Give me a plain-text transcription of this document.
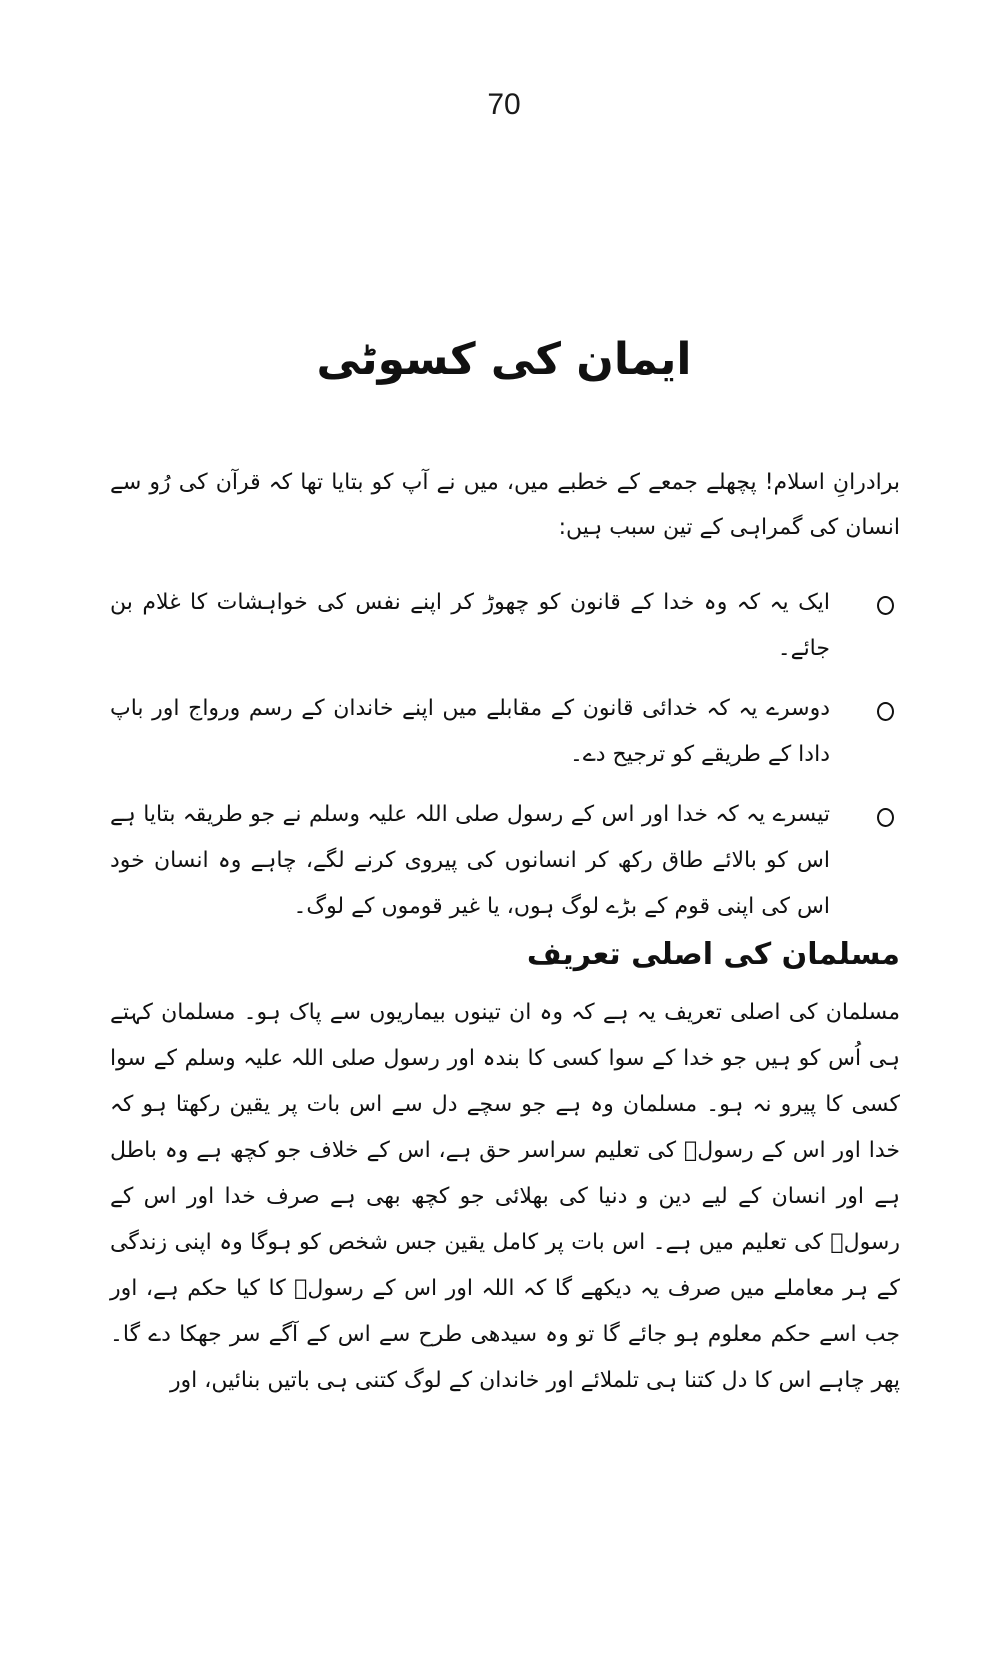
70
ایمان کی کسوٹی

برادرانِ اسلام! پچھلے جمعے کے خطبے میں، میں نے آپ کو بتایا تھا کہ قرآن کی رُو سے انسان کی گمراہی کے تین سبب ہیں:

ایک یہ کہ وہ خدا کے قانون کو چھوڑ کر اپنے نفس کی خواہشات کا غلام بن جائے۔
دوسرے یہ کہ خدائی قانون کے مقابلے میں اپنے خاندان کے رسم ورواج اور باپ دادا کے طریقے کو ترجیح دے۔
تیسرے یہ کہ خدا اور اس کے رسول صلی اللہ علیہ وسلم نے جو طریقہ بتایا ہے اس کو بالائے طاق رکھ کر انسانوں کی پیروی کرنے لگے، چاہے وہ انسان خود اس کی اپنی قوم کے بڑے لوگ ہوں، یا غیر قوموں کے لوگ۔
مسلمان کی اصلی تعریف

مسلمان کی اصلی تعریف یہ ہے کہ وہ ان تینوں بیماریوں سے پاک ہو۔ مسلمان کہتے ہی اُس کو ہیں جو خدا کے سوا کسی کا بندہ اور رسول صلی اللہ علیہ وسلم کے سوا کسی کا پیرو نہ ہو۔ مسلمان وہ ہے جو سچے دل سے اس بات پر یقین رکھتا ہو کہ خدا اور اس کے رسولؐ کی تعلیم سراسر حق ہے، اس کے خلاف جو کچھ ہے وہ باطل ہے اور انسان کے لیے دین و دنیا کی بھلائی جو کچھ بھی ہے صرف خدا اور اس کے رسولؐ کی تعلیم میں ہے۔ اس بات پر کامل یقین جس شخص کو ہوگا وہ اپنی زندگی کے ہر معاملے میں صرف یہ دیکھے گا کہ اللہ اور اس کے رسولؐ کا کیا حکم ہے، اور جب اسے حکم معلوم ہو جائے گا تو وہ سیدھی طرح سے اس کے آگے سر جھکا دے گا۔ پھر چاہے اس کا دل کتنا ہی تلملائے اور خاندان کے لوگ کتنی ہی باتیں بنائیں، اور
